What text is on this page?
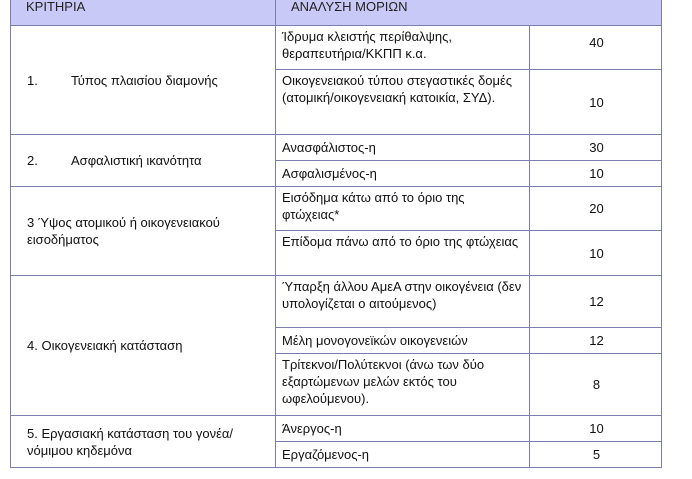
ΚΡΙΤΗΡΙΑ	ΑΝΑΛΥΣΗ ΜΟΡΙΩΝ	
1. Τύπος πλαισίου διαμονής	Ίδρυμα κλειστής περίθαλψης, θεραπευτήρια/ΚΚΠΠ κ.α.	40
	Οικογενειακού τύπου στεγαστικές δομές (ατομική/οικογενειακή κατοικία, ΣΥΔ).	10
2. Ασφαλιστική ικανότητα	Ανασφάλιστος-η	30
	Ασφαλισμένος-η	10
3 Ύψος ατομικού ή οικογενειακού εισοδήματος	Εισόδημα κάτω από το όριο της φτώχειας*	20
	Επίδομα πάνω από το όριο της φτώχειας	10
4. Οικογενειακή κατάσταση	Ύπαρξη άλλου ΑμεΑ στην οικογένεια (δεν υπολογίζεται ο αιτούμενος)	12
	Μέλη μονογονεϊκών οικογενειών	12
	Τρίτεκνοι/Πολύτεκνοι (άνω των δύο εξαρτώμενων μελών εκτός του ωφελούμενου).	8
5. Εργασιακή κατάσταση του γονέα/νόμιμου κηδεμόνα	Άνεργος-η	10
	Εργαζόμενος-η	5
